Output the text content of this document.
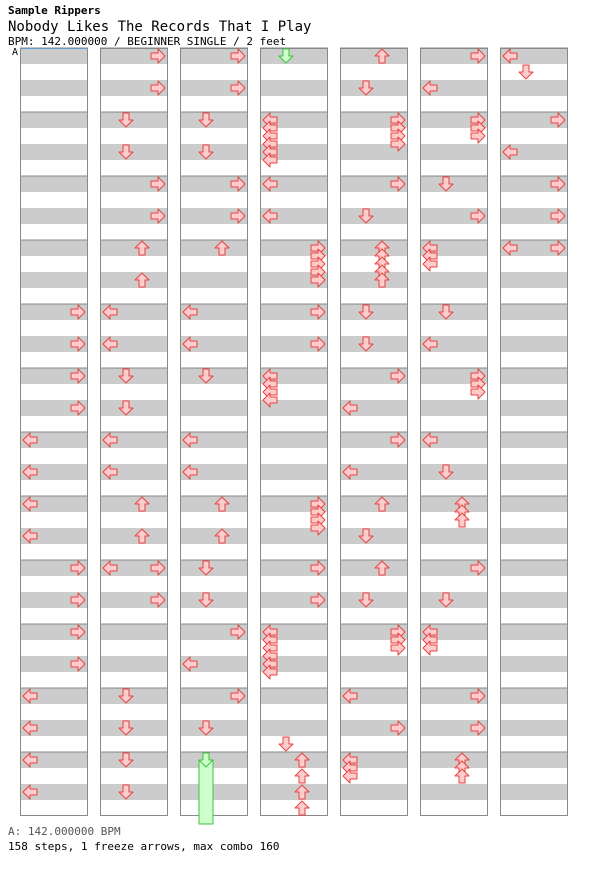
Sample Rippers
Nobody Likes The Records That I Play
BPM: 142.000000 / BEGINNER SINGLE / 2 feet
A
A: 142.000000 BPM
158 steps, 1 freeze arrows, max combo 160
